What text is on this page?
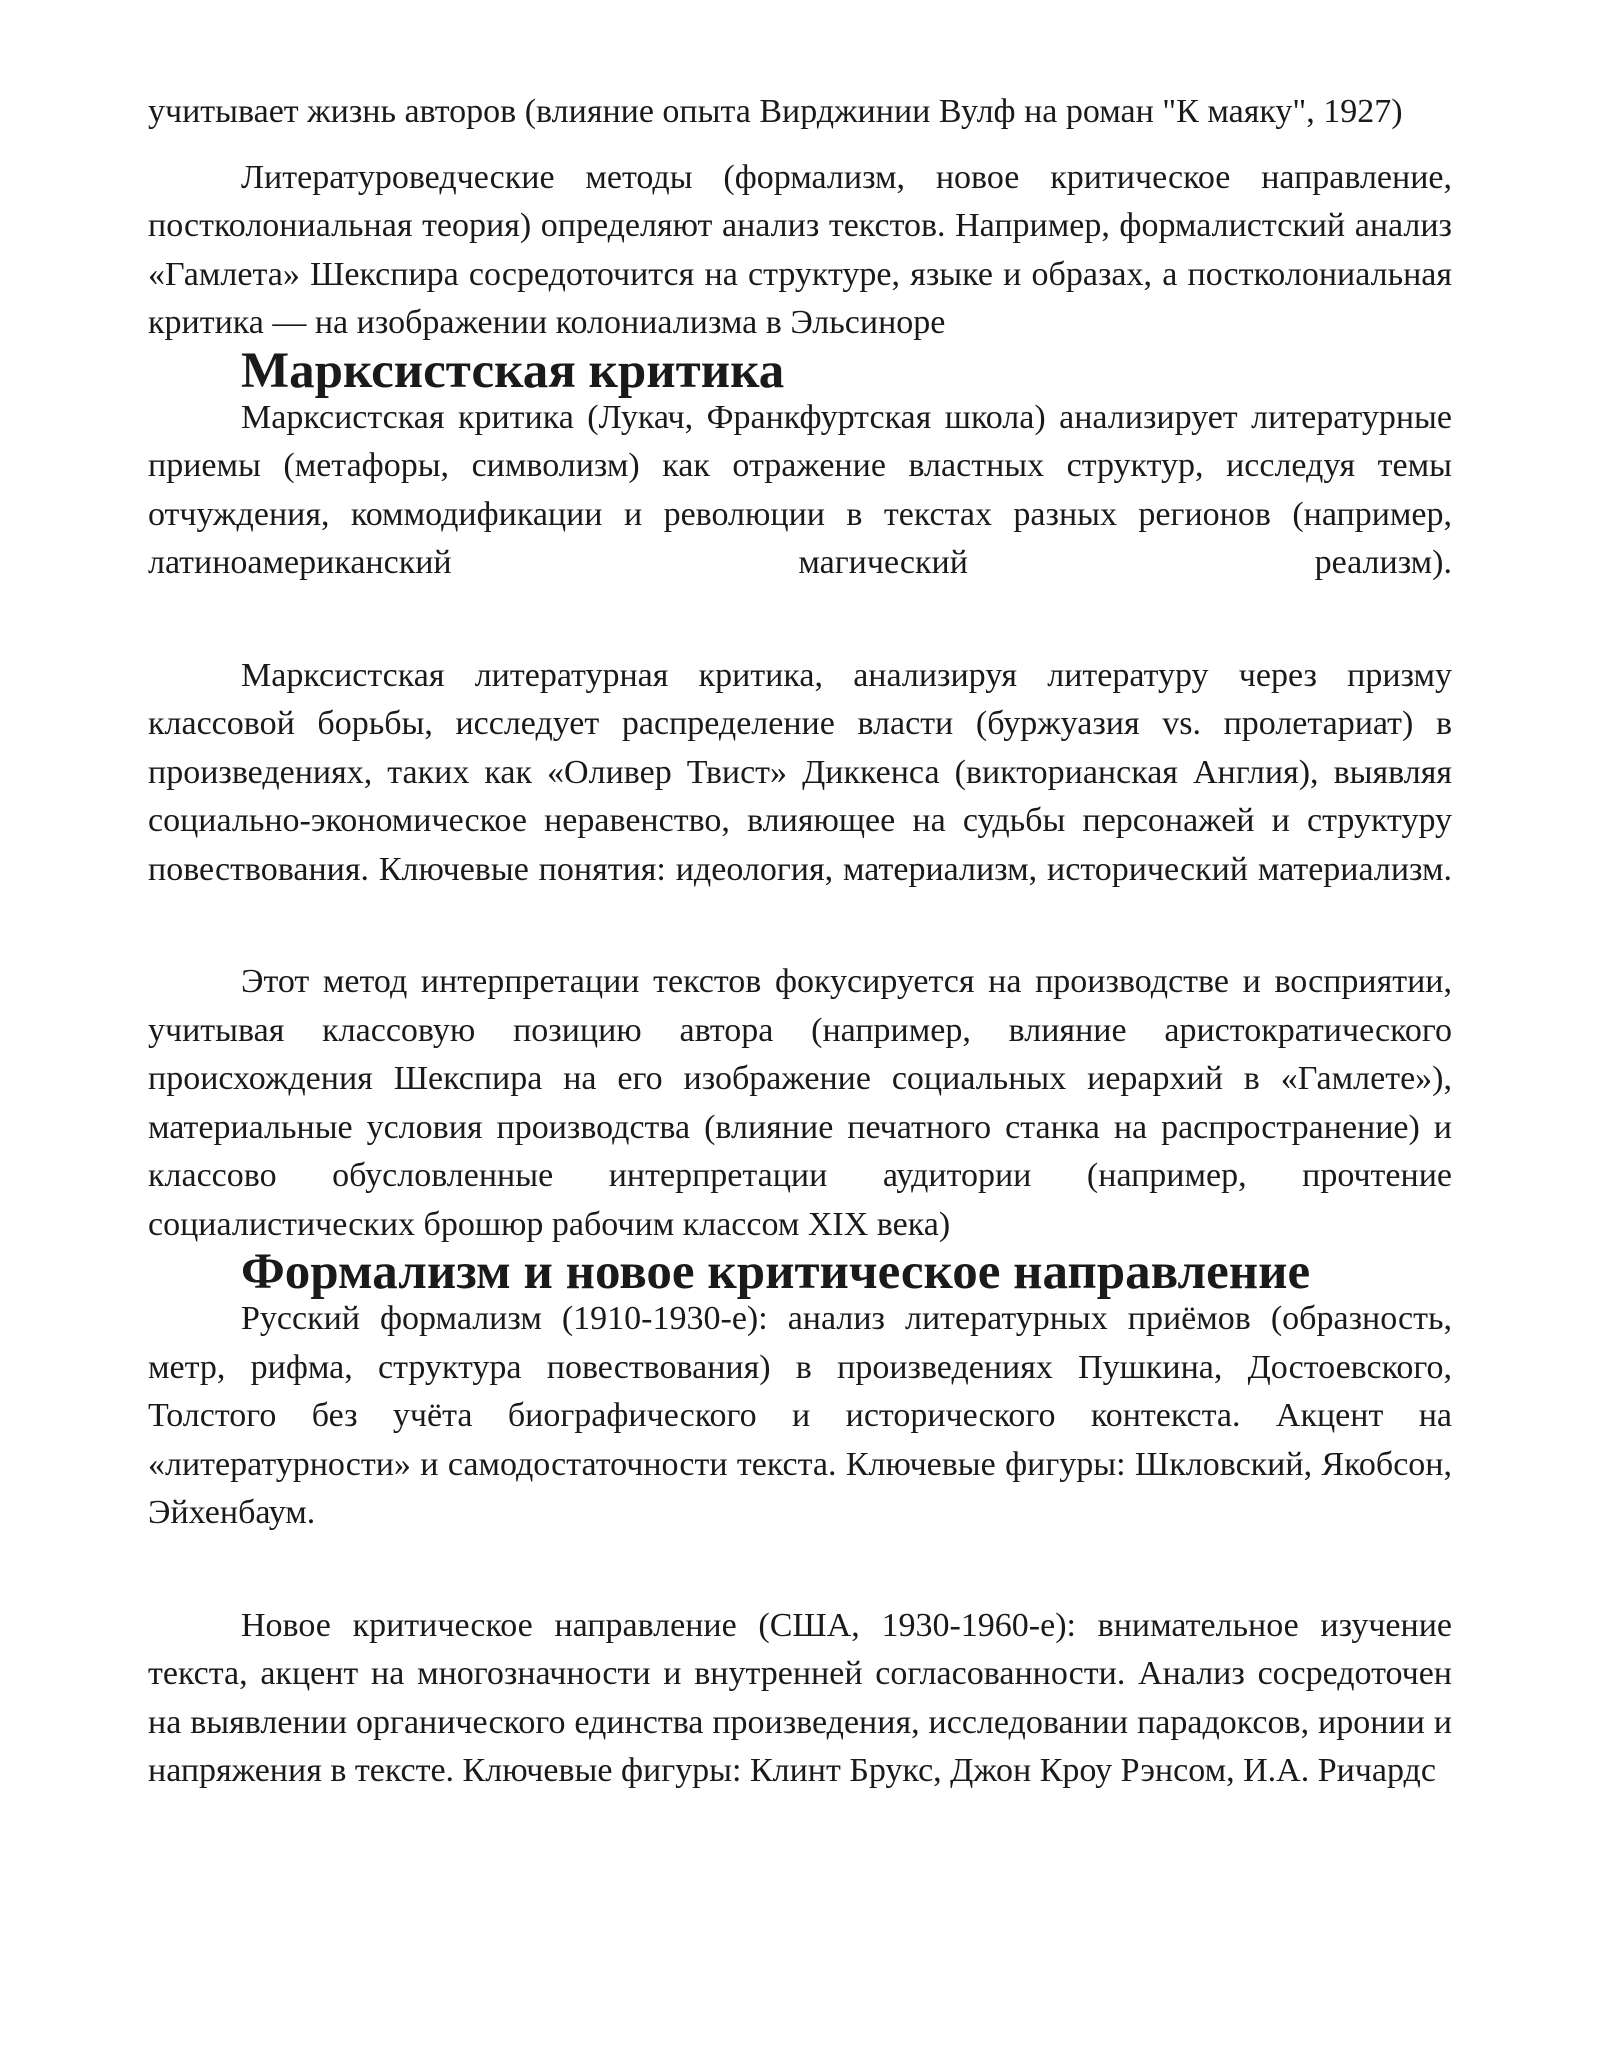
учитывает жизнь авторов (влияние опыта Вирджинии Вулф на роман "К маяку", 1927)

Литературоведческие методы (формализм, новое критическое направление, постколониальная теория) определяют анализ текстов. Например, формалистский анализ «Гамлета» Шекспира сосредоточится на структуре, языке и образах, а постколониальная критика — на изображении колониализма в Эльсиноре

Марксистская критика

Марксистская критика (Лукач, Франкфуртская школа) анализирует литературные приемы (метафоры, символизм) как отражение властных структур, исследуя темы отчуждения, коммодификации и революции в текстах разных регионов (например, латиноамериканский магический реализм).

Марксистская литературная критика, анализируя литературу через призму классовой борьбы, исследует распределение власти (буржуазия vs. пролетариат) в произведениях, таких как «Оливер Твист» Диккенса (викторианская Англия), выявляя социально-экономическое неравенство, влияющее на судьбы персонажей и структуру повествования. Ключевые понятия: идеология, материализм, исторический материализм.

Этот метод интерпретации текстов фокусируется на производстве и восприятии, учитывая классовую позицию автора (например, влияние аристократического происхождения Шекспира на его изображение социальных иерархий в «Гамлете»), материальные условия производства (влияние печатного станка на распространение) и классово обусловленные интерпретации аудитории (например, прочтение социалистических брошюр рабочим классом XIX века)

Формализм и новое критическое направление

Русский формализм (1910-1930-е): анализ литературных приёмов (образность, метр, рифма, структура повествования) в произведениях Пушкина, Достоевского, Толстого без учёта биографического и исторического контекста. Акцент на «литературности» и самодостаточности текста. Ключевые фигуры: Шкловский, Якобсон, Эйхенбаум.

Новое критическое направление (США, 1930-1960-е): внимательное изучение текста, акцент на многозначности и внутренней согласованности. Анализ сосредоточен на выявлении органического единства произведения, исследовании парадоксов, иронии и напряжения в тексте. Ключевые фигуры: Клинт Брукс, Джон Кроу Рэнсом, И.А. Ричардс
